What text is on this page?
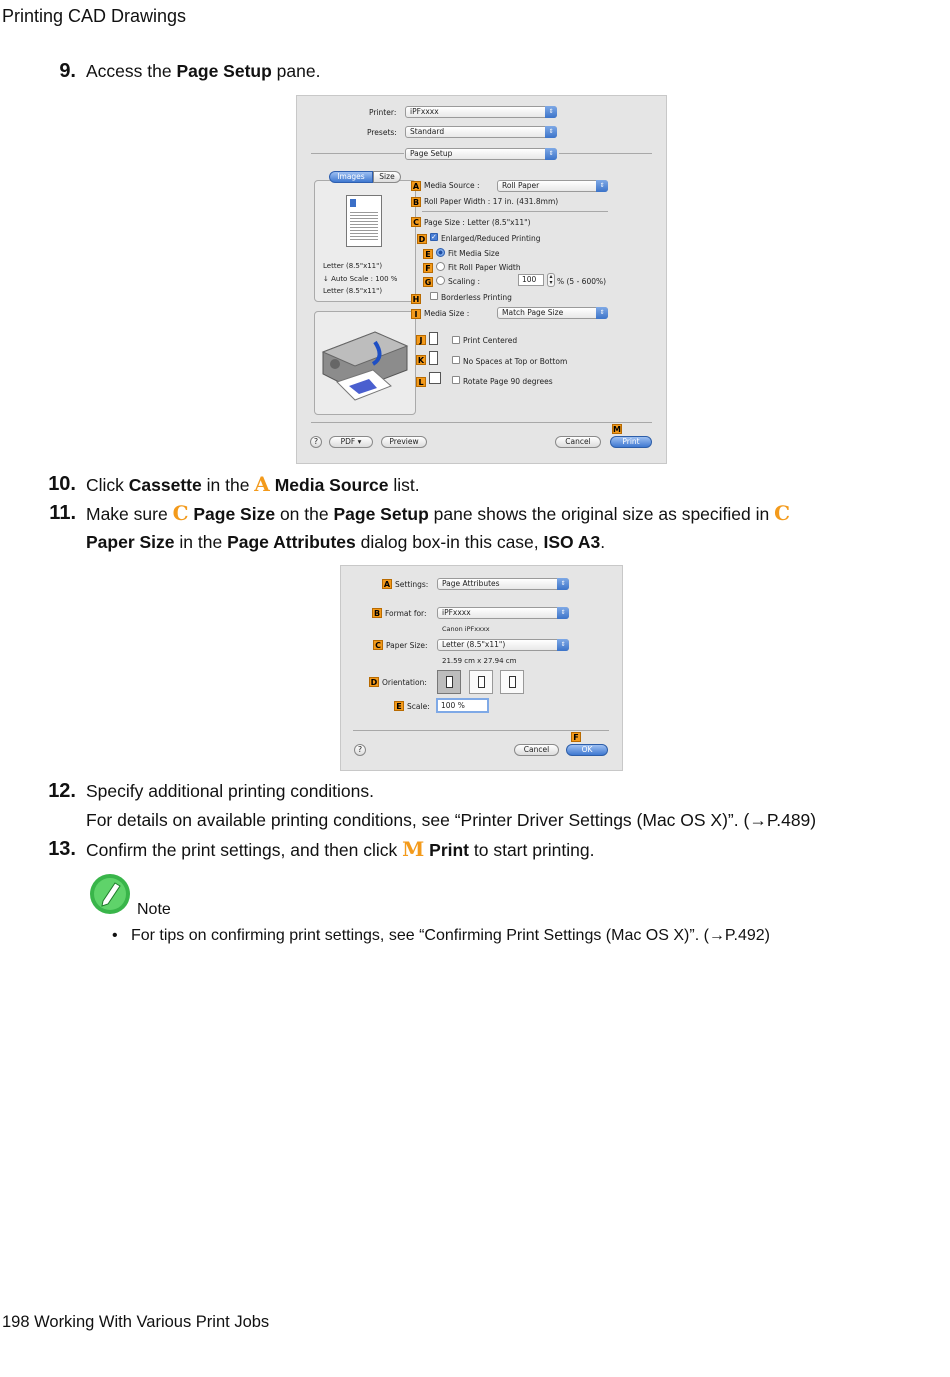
Printing CAD Drawings
9. Access the Page Setup pane.
Printer:	iPFxxxx	⇕
Presets:	Standard	⇕
Page Setup	⇕
Letter (8.5"x11")
↓ Auto Scale : 100 %
Letter (8.5"x11")
Images	Size
A Media Source :	Roll Paper	⇕
B Roll Paper Width : 17 in. (431.8mm)
C Page Size : Letter (8.5"x11")
D
✓ Enlarged/Reduced Printing
E	Fit Media Size
F	Fit Roll Paper Width
G Scaling :	100	▴
▾ % (5 - 600%)
H	Borderless Printing
I Media Size :	Match Page Size	⇕
J	Print Centered
K	No Spaces at Top or Bottom
L	Rotate Page 90 degrees
?	PDF ▾	Preview	Cancel
M
Print
10. Click Cassette in the A Media Source list.
11. Make sure C Page Size on the Page Setup pane shows the original size as specified in C
Paper Size in the Page Attributes dialog box-in this case, ISO A3.
A Settings:	Page Attributes	⇕
B Format for:	iPFxxxx	⇕
Canon iPFxxxx
C Paper Size:	Letter (8.5"x11")	⇕
21.59 cm x 27.94 cm
D Orientation:
E Scale:	100 %
?	Cancel
F
OK
12. Specify additional printing conditions.
For details on available printing conditions, see “Printer Driver Settings (Mac OS X)”. (→P.489)
13. Confirm the print settings, and then click M Print to start printing.
Note
•   For tips on confirming print settings, see “Confirming Print Settings (Mac OS X)”. (→P.492)
198 Working With Various Print Jobs
